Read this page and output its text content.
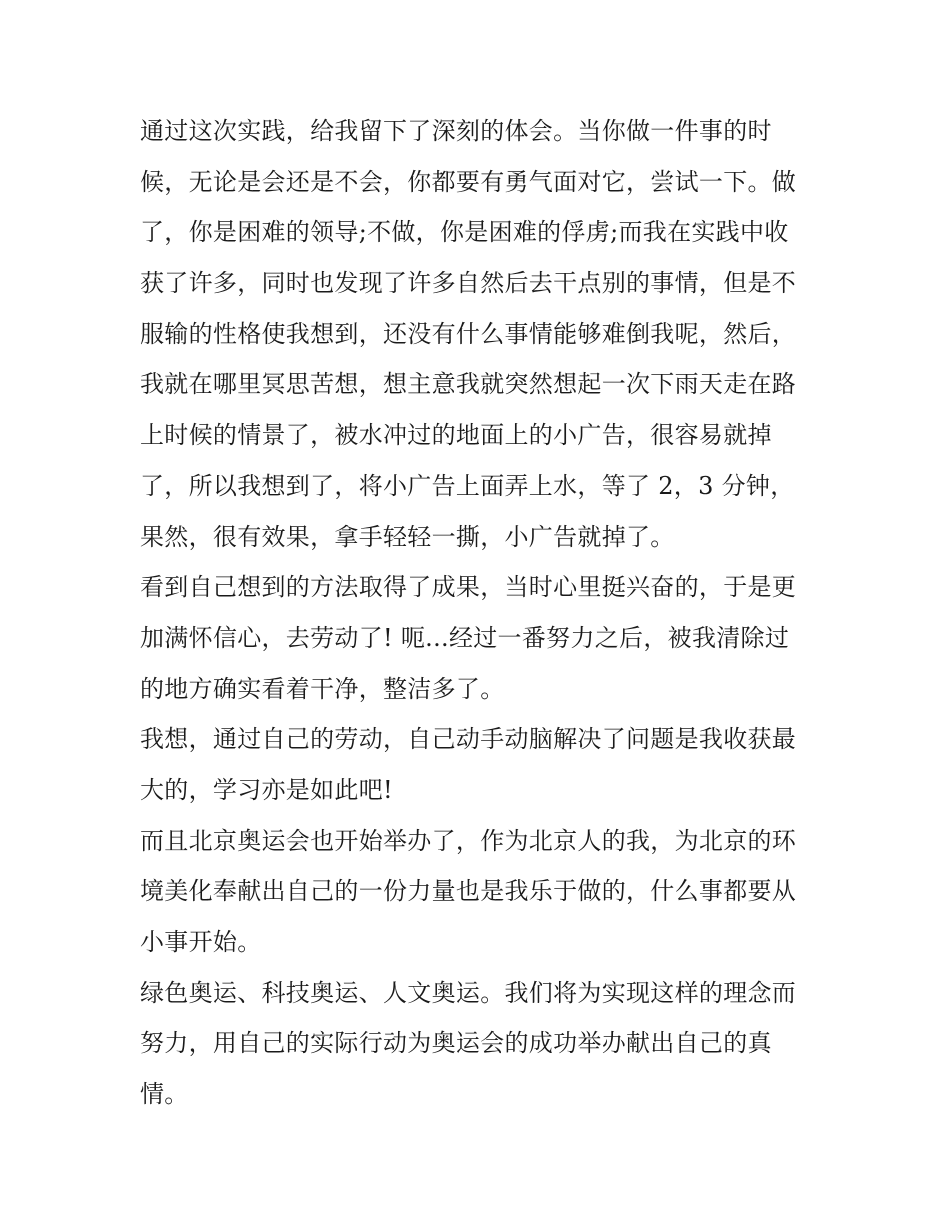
通过这次实践，给我留下了深刻的体会。当你做一件事的时
候，无论是会还是不会，你都要有勇气面对它，尝试一下。做
了，你是困难的领导;不做，你是困难的俘虏;而我在实践中收
获了许多，同时也发现了许多自然后去干点别的事情，但是不
服输的性格使我想到，还没有什么事情能够难倒我呢，然后，
我就在哪里冥思苦想，想主意我就突然想起一次下雨天走在路
上时候的情景了，被水冲过的地面上的小广告，很容易就掉
了，所以我想到了，将小广告上面弄上水，等了 2，3 分钟，
果然，很有效果，拿手轻轻一撕，小广告就掉了。
看到自己想到的方法取得了成果，当时心里挺兴奋的，于是更
加满怀信心，去劳动了! 呃...经过一番努力之后，被我清除过
的地方确实看着干净，整洁多了。
我想，通过自己的劳动，自己动手动脑解决了问题是我收获最
大的，学习亦是如此吧!
而且北京奥运会也开始举办了，作为北京人的我，为北京的环
境美化奉献出自己的一份力量也是我乐于做的，什么事都要从
小事开始。
绿色奥运、科技奥运、人文奥运。我们将为实现这样的理念而
努力，用自己的实际行动为奥运会的成功举办献出自己的真
情。
